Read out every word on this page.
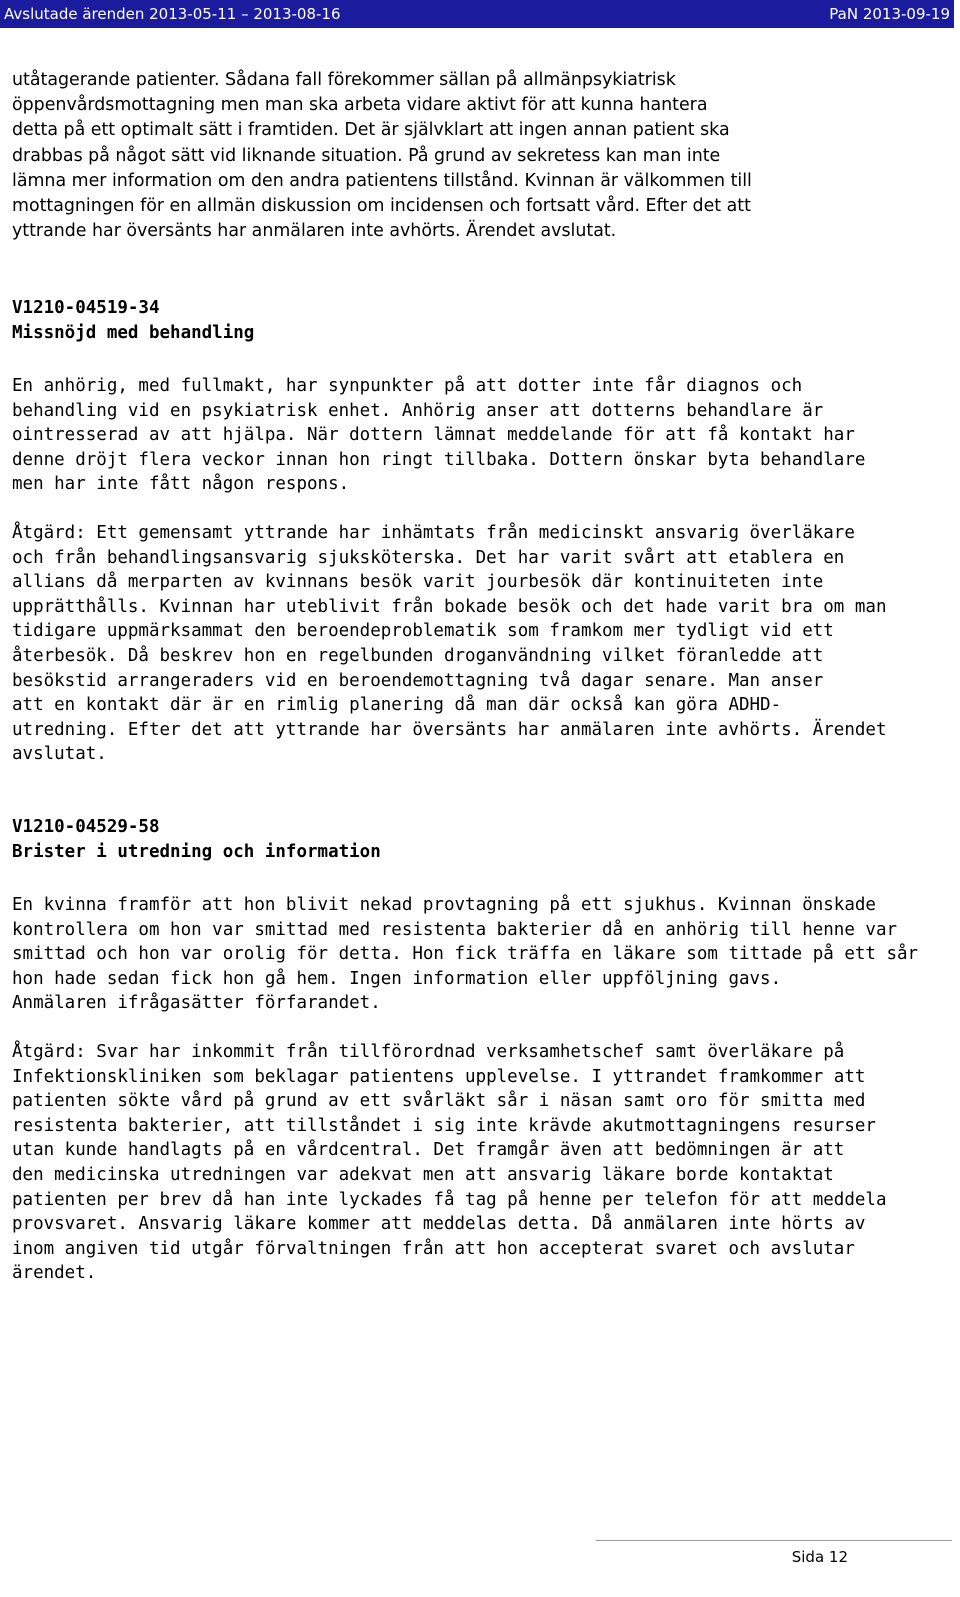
Avslutade ärenden 2013-05-11 – 2013-08-16	PaN 2013-09-19

utåtagerande patienter. Sådana fall förekommer sällan på allmänpsykiatrisk
öppenvårdsmottagning men man ska arbeta vidare aktivt för att kunna hantera
detta på ett optimalt sätt i framtiden. Det är självklart att ingen annan patient ska
drabbas på något sätt vid liknande situation. På grund av sekretess kan man inte
lämna mer information om den andra patientens tillstånd. Kvinnan är välkommen till
mottagningen för en allmän diskussion om incidensen och fortsatt vård. Efter det att
yttrande har översänts har anmälaren inte avhörts. Ärendet avslutat.

V1210-04519-34

Missnöjd med behandling

En anhörig, med fullmakt, har synpunkter på att dotter inte får diagnos och
behandling vid en psykiatrisk enhet. Anhörig anser att dotterns behandlare är
ointresserad av att hjälpa. När dottern lämnat meddelande för att få kontakt har
denne dröjt flera veckor innan hon ringt tillbaka. Dottern önskar byta behandlare
men har inte fått någon respons.

Åtgärd: Ett gemensamt yttrande har inhämtats från medicinskt ansvarig överläkare
och från behandlingsansvarig sjuksköterska. Det har varit svårt att etablera en
allians då merparten av kvinnans besök varit jourbesök där kontinuiteten inte
upprätthålls. Kvinnan har uteblivit från bokade besök och det hade varit bra om man
tidigare uppmärksammat den beroendeproblematik som framkom mer tydligt vid ett
återbesök. Då beskrev hon en regelbunden droganvändning vilket föranledde att
besökstid arrangeraders vid en beroendemottagning två dagar senare. Man anser
att en kontakt där är en rimlig planering då man där också kan göra ADHD-
utredning. Efter det att yttrande har översänts har anmälaren inte avhörts. Ärendet
avslutat.

V1210-04529-58

Brister i utredning och information

En kvinna framför att hon blivit nekad provtagning på ett sjukhus. Kvinnan önskade
kontrollera om hon var smittad med resistenta bakterier då en anhörig till henne var
smittad och hon var orolig för detta. Hon fick träffa en läkare som tittade på ett sår
hon hade sedan fick hon gå hem. Ingen information eller uppföljning gavs.
Anmälaren ifrågasätter förfarandet.

Åtgärd: Svar har inkommit från tillförordnad verksamhetschef samt överläkare på
Infektionskliniken som beklagar patientens upplevelse. I yttrandet framkommer att
patienten sökte vård på grund av ett svårläkt sår i näsan samt oro för smitta med
resistenta bakterier, att tillståndet i sig inte krävde akutmottagningens resurser
utan kunde handlagts på en vårdcentral. Det framgår även att bedömningen är att
den medicinska utredningen var adekvat men att ansvarig läkare borde kontaktat
patienten per brev då han inte lyckades få tag på henne per telefon för att meddela
provsvaret. Ansvarig läkare kommer att meddelas detta. Då anmälaren inte hörts av
inom angiven tid utgår förvaltningen från att hon accepterat svaret och avslutar
ärendet.

Sida 12
